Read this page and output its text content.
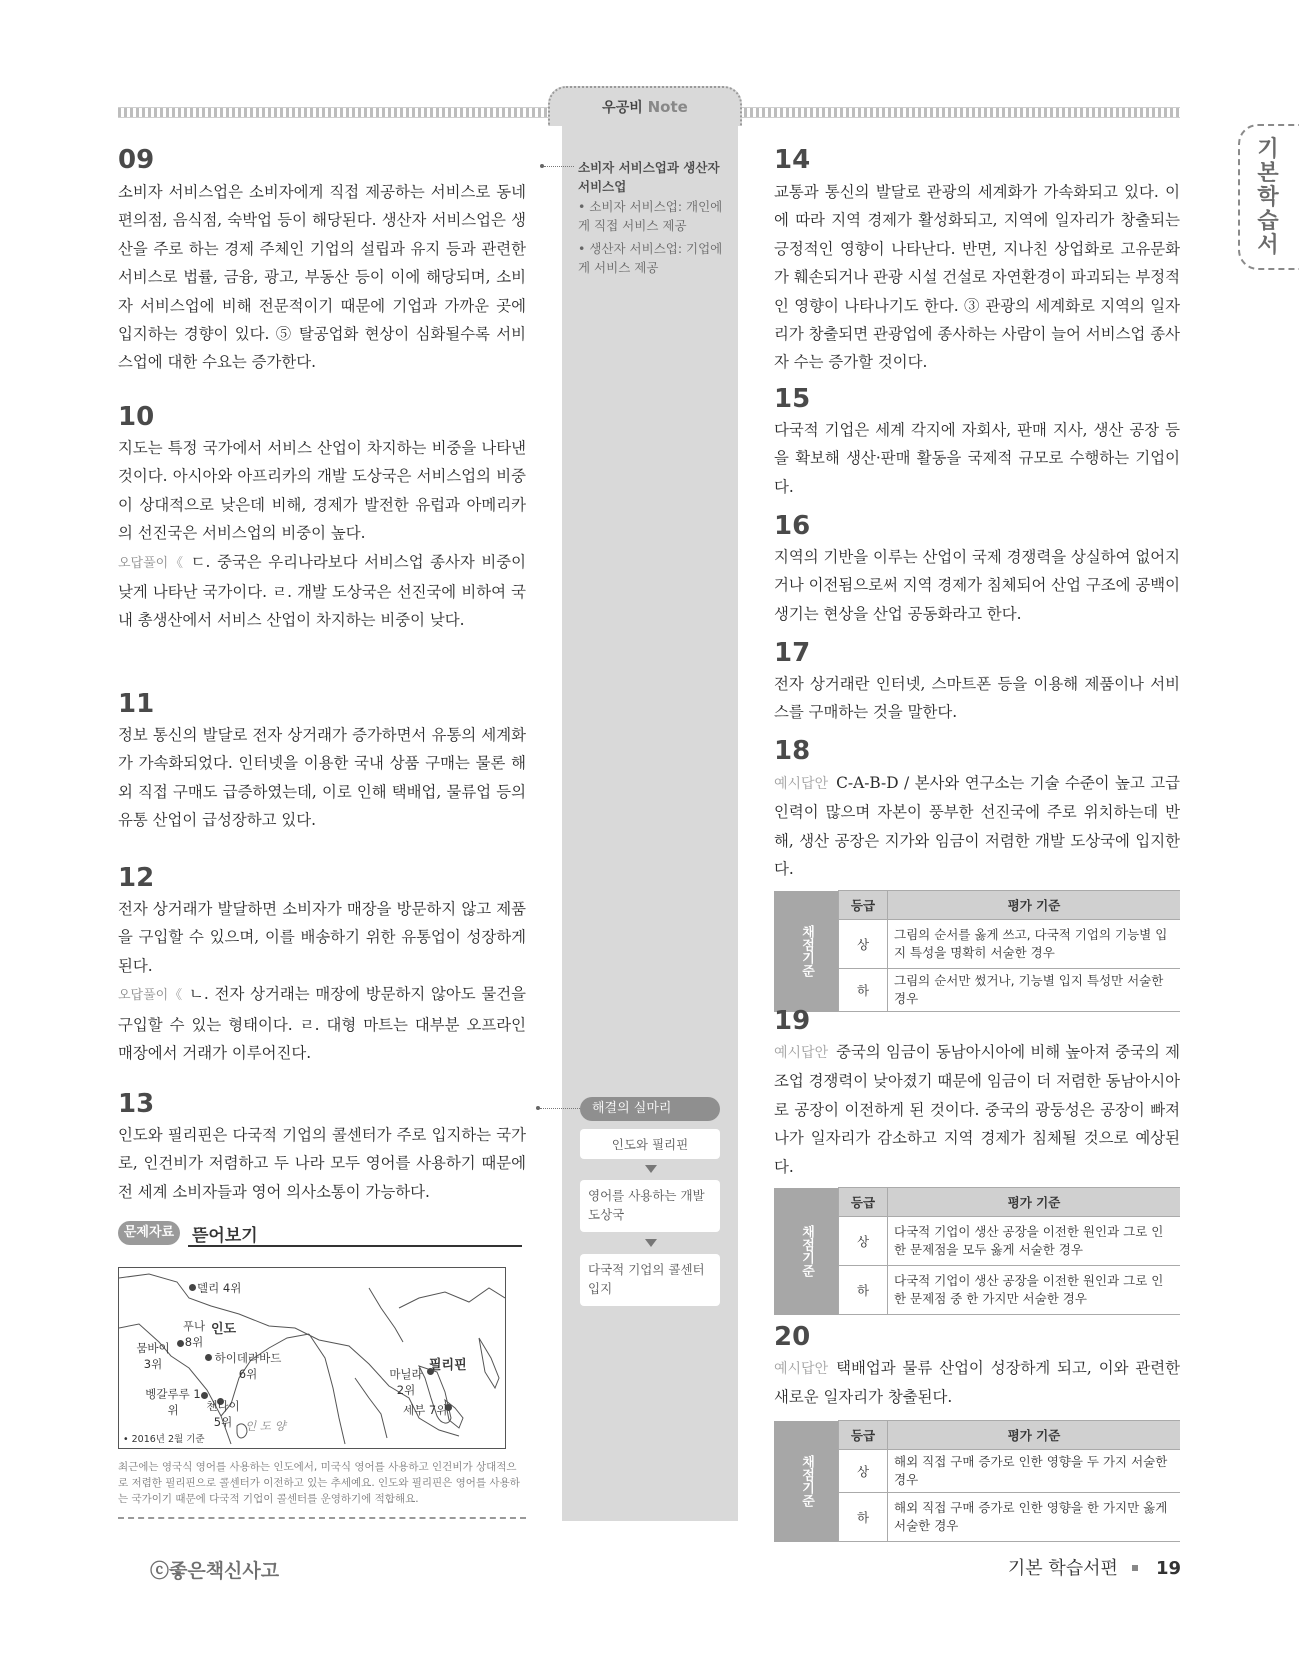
우공비 Note
기본학습서
소비자 서비스업과 생산자 서비스업
• 소비자 서비스업: 개인에게 직접 서비스 제공
• 생산자 서비스업: 기업에게 서비스 제공
해결의 실마리
인도와 필리핀
영어를 사용하는 개발 도상국
다국적 기업의 콜센터 입지
09
소비자 서비스업은 소비자에게 직접 제공하는 서비스로 동네 편의점, 음식점, 숙박업 등이 해당된다. 생산자 서비스업은 생산을 주로 하는 경제 주체인 기업의 설립과 유지 등과 관련한 서비스로 법률, 금융, 광고, 부동산 등이 이에 해당되며, 소비자 서비스업에 비해 전문적이기 때문에 기업과 가까운 곳에 입지하는 경향이 있다. ⑤ 탈공업화 현상이 심화될수록 서비스업에 대한 수요는 증가한다.
10
지도는 특정 국가에서 서비스 산업이 차지하는 비중을 나타낸 것이다. 아시아와 아프리카의 개발 도상국은 서비스업의 비중이 상대적으로 낮은데 비해, 경제가 발전한 유럽과 아메리카의 선진국은 서비스업의 비중이 높다.
오답풀이《 ㄷ. 중국은 우리나라보다 서비스업 종사자 비중이 낮게 나타난 국가이다. ㄹ. 개발 도상국은 선진국에 비하여 국내 총생산에서 서비스 산업이 차지하는 비중이 낮다.
11
정보 통신의 발달로 전자 상거래가 증가하면서 유통의 세계화가 가속화되었다. 인터넷을 이용한 국내 상품 구매는 물론 해외 직접 구매도 급증하였는데, 이로 인해 택배업, 물류업 등의 유통 산업이 급성장하고 있다.
12
전자 상거래가 발달하면 소비자가 매장을 방문하지 않고 제품을 구입할 수 있으며, 이를 배송하기 위한 유통업이 성장하게 된다.
오답풀이《 ㄴ. 전자 상거래는 매장에 방문하지 않아도 물건을 구입할 수 있는 형태이다. ㄹ. 대형 마트는 대부분 오프라인 매장에서 거래가 이루어진다.
13
인도와 필리핀은 다국적 기업의 콜센터가 주로 입지하는 국가로, 인건비가 저렴하고 두 나라 모두 영어를 사용하기 때문에 전 세계 소비자들과 영어 의사소통이 가능하다.
문제자료	뜯어보기
델리 4위
푸나 8위
인도
뭄바이 3위	하이데라바드 6위
벵갈루루 1위	첸나이 5위	인 도 양
마닐라 2위
필리핀
세부 7위
• 2016년 2월 기준
최근에는 영국식 영어를 사용하는 인도에서, 미국식 영어를 사용하고 인건비가 상대적으로 저렴한 필리핀으로 콜센터가 이전하고 있는 추세예요. 인도와 필리핀은 영어를 사용하는 국가이기 때문에 다국적 기업이 콜센터를 운영하기에 적합해요.
14
교통과 통신의 발달로 관광의 세계화가 가속화되고 있다. 이에 따라 지역 경제가 활성화되고, 지역에 일자리가 창출되는 긍정적인 영향이 나타난다. 반면, 지나친 상업화로 고유문화가 훼손되거나 관광 시설 건설로 자연환경이 파괴되는 부정적인 영향이 나타나기도 한다. ③ 관광의 세계화로 지역의 일자리가 창출되면 관광업에 종사하는 사람이 늘어 서비스업 종사자 수는 증가할 것이다.
15
다국적 기업은 세계 각지에 자회사, 판매 지사, 생산 공장 등을 확보해 생산·판매 활동을 국제적 규모로 수행하는 기업이다.
16
지역의 기반을 이루는 산업이 국제 경쟁력을 상실하여 없어지거나 이전됨으로써 지역 경제가 침체되어 산업 구조에 공백이 생기는 현상을 산업 공동화라고 한다.
17
전자 상거래란 인터넷, 스마트폰 등을 이용해 제품이나 서비스를 구매하는 것을 말한다.
18
예시답안 C-A-B-D / 본사와 연구소는 기술 수준이 높고 고급 인력이 많으며 자본이 풍부한 선진국에 주로 위치하는데 반해, 생산 공장은 지가와 임금이 저렴한 개발 도상국에 입지한다.
채점기준	등급	평가 기준
	상	그림의 순서를 옳게 쓰고, 다국적 기업의 기능별 입지 특성을 명확히 서술한 경우
	하	그림의 순서만 썼거나, 기능별 입지 특성만 서술한 경우
19
예시답안 중국의 임금이 동남아시아에 비해 높아져 중국의 제조업 경쟁력이 낮아졌기 때문에 임금이 더 저렴한 동남아시아로 공장이 이전하게 된 것이다. 중국의 광둥성은 공장이 빠져나가 일자리가 감소하고 지역 경제가 침체될 것으로 예상된다.
채점기준	등급	평가 기준
	상	다국적 기업이 생산 공장을 이전한 원인과 그로 인한 문제점을 모두 옳게 서술한 경우
	하	다국적 기업이 생산 공장을 이전한 원인과 그로 인한 문제점 중 한 가지만 서술한 경우
20
예시답안 택배업과 물류 산업이 성장하게 되고, 이와 관련한 새로운 일자리가 창출된다.
채점기준	등급	평가 기준
	상	해외 직접 구매 증가로 인한 영향을 두 가지 서술한 경우
	하	해외 직접 구매 증가로 인한 영향을 한 가지만 옳게 서술한 경우
ⓒ좋은책신사고	기본 학습서편 19
